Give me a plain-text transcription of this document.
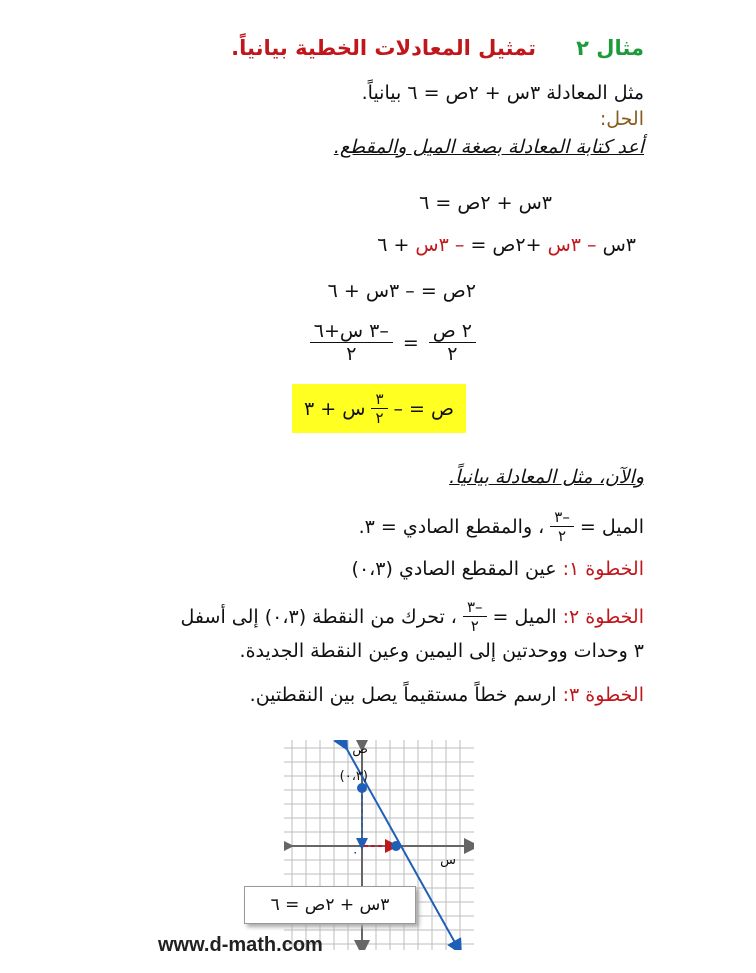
مثال ٢
تمثيل المعادلات الخطية بيانياً.
مثل المعادلة ٣س + ٢ص = ٦ بيانياً.
الحل:
أعد كتابة المعادلة بصغة الميل والمقطع.
٣س + ٢ص = ٦
٣س – ٣س +٢ص = – ٣س + ٦
٢ص = – ٣س + ٦
$\frac{\text{٢ ص}}{٢}$
=
$\frac{\text{–٣ س+٦}}{٢}$
ص = –
$\frac{٣}{٢}$
س + ٣
والآن، مثل المعادلة بيانياً.
الميل =
$\frac{-٣}{٢}$
، والمقطع الصادي = ٣.
الخطوة ١: عين المقطع الصادي (٠،٣)
الخطوة ٢:
الميل =
$\frac{-٣}{٢}$
، تحرك من النقطة (٠،٣) إلى أسفل
٣ وحدات ووحدتين إلى اليمين وعين النقطة الجديدة.
الخطوة ٣: ارسم خطاً مستقيماً يصل بين النقطتين.
ص
س
٠
(٠،٣)
٣س + ٢ص = ٦
www.d-math.com
